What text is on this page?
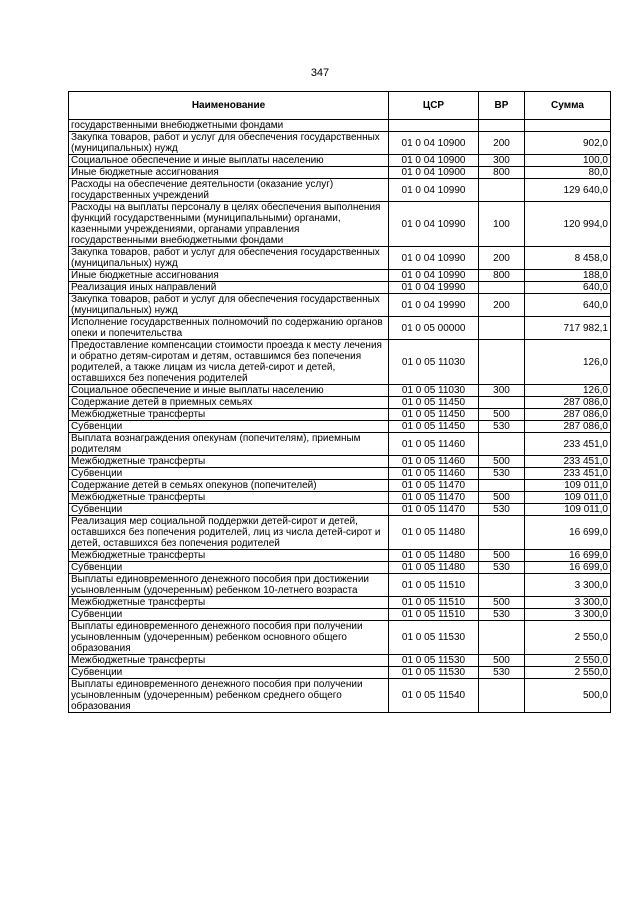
347
Наименование	ЦСР	ВР	Сумма
государственными внебюджетными фондами			
Закупка товаров, работ и услуг для обеспечения государственных (муниципальных) нужд	01 0 04 10900	200	902,0
Социальное обеспечение и иные выплаты населению	01 0 04 10900	300	100,0
Иные бюджетные ассигнования	01 0 04 10900	800	80,0
Расходы на обеспечение деятельности (оказание услуг) государственных учреждений	01 0 04 10990		129 640,0
Расходы на выплаты персоналу в целях обеспечения выполнения функций государственными (муниципальными) органами, казенными учреждениями, органами управления государственными внебюджетными фондами	01 0 04 10990	100	120 994,0
Закупка товаров, работ и услуг для обеспечения государственных (муниципальных) нужд	01 0 04 10990	200	8 458,0
Иные бюджетные ассигнования	01 0 04 10990	800	188,0
Реализация иных направлений	01 0 04 19990		640,0
Закупка товаров, работ и услуг для обеспечения государственных (муниципальных) нужд	01 0 04 19990	200	640,0
Исполнение государственных полномочий по содержанию органов опеки и попечительства	01 0 05 00000		717 982,1
Предоставление компенсации стоимости проезда к месту лечения и обратно детям-сиротам и детям, оставшимся без попечения родителей, а также лицам из числа детей-сирот и детей, оставшихся без попечения родителей	01 0 05 11030		126,0
Социальное обеспечение и иные выплаты населению	01 0 05 11030	300	126,0
Содержание детей в приемных семьях	01 0 05 11450		287 086,0
Межбюджетные трансферты	01 0 05 11450	500	287 086,0
Субвенции	01 0 05 11450	530	287 086,0
Выплата вознаграждения опекунам (попечителям), приемным родителям	01 0 05 11460		233 451,0
Межбюджетные трансферты	01 0 05 11460	500	233 451,0
Субвенции	01 0 05 11460	530	233 451,0
Содержание детей в семьях опекунов (попечителей)	01 0 05 11470		109 011,0
Межбюджетные трансферты	01 0 05 11470	500	109 011,0
Субвенции	01 0 05 11470	530	109 011,0
Реализация мер социальной поддержки детей-сирот и детей, оставшихся без попечения родителей, лиц из числа детей-сирот и детей, оставшихся без попечения родителей	01 0 05 11480		16 699,0
Межбюджетные трансферты	01 0 05 11480	500	16 699,0
Субвенции	01 0 05 11480	530	16 699,0
Выплаты единовременного денежного пособия при достижении усыновленным (удочеренным) ребенком 10-летнего возраста	01 0 05 11510		3 300,0
Межбюджетные трансферты	01 0 05 11510	500	3 300,0
Субвенции	01 0 05 11510	530	3 300,0
Выплаты единовременного денежного пособия при получении усыновленным (удочеренным) ребенком основного общего образования	01 0 05 11530		2 550,0
Межбюджетные трансферты	01 0 05 11530	500	2 550,0
Субвенции	01 0 05 11530	530	2 550,0
Выплаты единовременного денежного пособия при получении усыновленным (удочеренным) ребенком среднего общего образования	01 0 05 11540		500,0
